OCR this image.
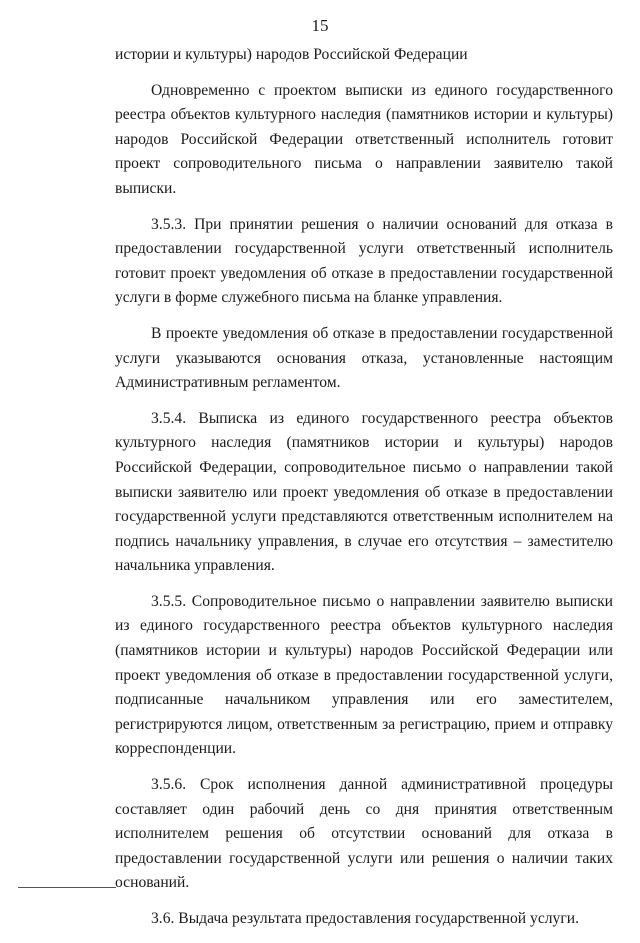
15

истории и культуры) народов Российской Федерации

Одновременно с проектом выписки из единого государственного реестра объектов культурного наследия (памятников истории и культуры) народов Российской Федерации ответственный исполнитель готовит проект сопроводительного письма о направлении заявителю такой выписки.

3.5.3. При принятии решения о наличии оснований для отказа в предоставлении государственной услуги ответственный исполнитель готовит проект уведомления об отказе в предоставлении государственной услуги в форме служебного письма на бланке управления.

В проекте уведомления об отказе в предоставлении государственной услуги указываются основания отказа, установленные настоящим Административным регламентом.

3.5.4. Выписка из единого государственного реестра объектов культурного наследия (памятников истории и культуры) народов Российской Федерации, сопроводительное письмо о направлении такой выписки заявителю или проект уведомления об отказе в предоставлении государственной услуги представляются ответственным исполнителем на подпись начальнику управления, в случае его отсутствия – заместителю начальника управления.

3.5.5. Сопроводительное письмо о направлении заявителю выписки из единого государственного реестра объектов культурного наследия (памятников истории и культуры) народов Российской Федерации или проект уведомления об отказе в предоставлении государственной услуги, подписанные начальником управления или его заместителем, регистрируются лицом, ответственным за регистрацию, прием и отправку корреспонденции.

3.5.6. Срок исполнения данной административной процедуры составляет один рабочий день со дня принятия ответственным исполнителем решения об отсутствии оснований для отказа в предоставлении государственной услуги или решения о наличии таких оснований.

3.6. Выдача результата предоставления государственной услуги.
